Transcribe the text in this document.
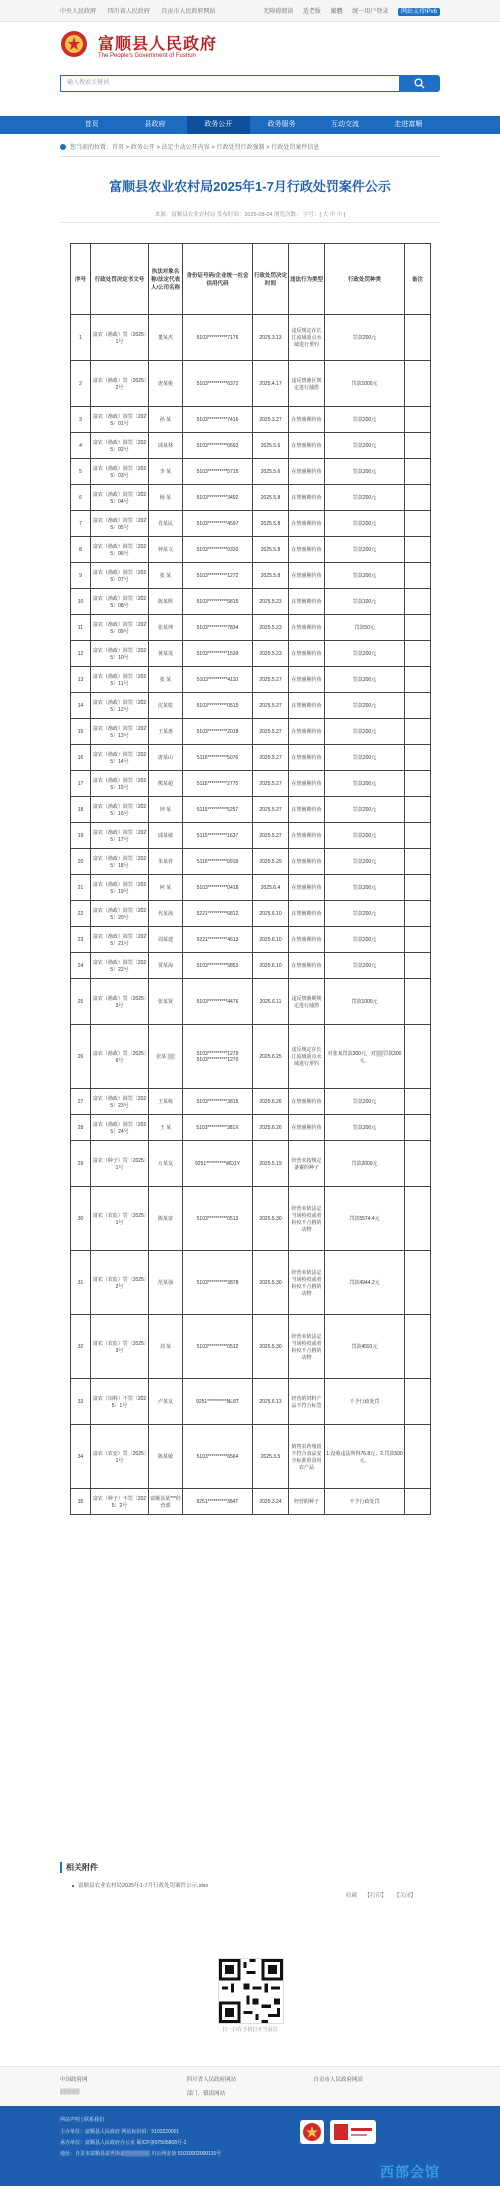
中央人民政府 四川省人民政府 自贡市人民政府网站	无障碍阅读 适老版 繁體 统一用户登录 网站支持IPv6
富顺县人民政府
The People's Government of Fushun
输入搜索关键词
首页	县政府	政务公开	政务服务	互动交流	走进富顺
您当前的位置：首页 > 政务公开 > 法定主动公开内容 > 行政处罚行政强制 > 行政处罚案件信息
富顺县农业农村局2025年1-7月行政处罚案件公示
来源：富顺县农业农村局 发布时间：2025-08-04 浏览次数： 字号：[ 大 中 小 ]
序号	行政处罚决定书文号	执法对象名称/法定代表人/公司名称	身份证号码/企业统一社会信用代码	行政处罚决定时间	违法行为类型	行政处罚种类	备注
1	富农（渔政）罚〔2025〕1号	董某杰	5103**********7176	2025.3.13	违反规定在长江流域重点水域进行垂钓	罚款200元	
2	富农（渔政）罚〔2025〕2号	唐某俊	5103**********6372	2025.4.17	违反禁渔区规定进行捕捞	罚款1000元	
3	富农（渔政）简罚〔2025〕01号	孙 某	5103**********7416	2025.3.27	在禁渔期钓鱼	罚款200元	
4	富农（渔政）简罚〔2025〕02号	邱某林	5103**********0693	2025.5.6	在禁渔期钓鱼	罚款200元	
5	富农（渔政）简罚〔2025〕03号	李 某	5103**********5715	2025.5.6	在禁渔期钓鱼	罚款200元	
6	富农（渔政）简罚〔2025〕04号	杨 某	5103**********3492	2025.5.8	在禁渔期钓鱼	罚款200元	
7	富农（渔政）简罚〔2025〕05号	肖某民	5103**********4597	2025.5.8	在禁渔期钓鱼	罚款200元	
8	富农（渔政）简罚〔2025〕06号	钟某文	5103**********0330	2025.5.8	在禁渔期钓鱼	罚款200元	
9	富农（渔政）简罚〔2025〕07号	张 某	5103**********1272	2025.5.8	在禁渔期钓鱼	罚款200元	
10	富农（渔政）简罚〔2025〕08号	陈某辉	5103**********5815	2025.5.23	在禁渔期钓鱼	罚款100元	
11	富农（渔政）简罚〔2025〕09号	张某坤	5103**********7834	2025.5.23	在禁渔期钓鱼	罚款50元	
12	富农（渔政）简罚〔2025〕10号	黄某茂	5103**********1539	2025.5.23	在禁渔期钓鱼	罚款200元	
13	富农（渔政）简罚〔2025〕11号	张 某	5103**********4110	2025.5.27	在禁渔期钓鱼	罚款200元	
14	富农（渔政）简罚〔2025〕12号	沈某乾	5103**********0515	2025.5.27	在禁渔期钓鱼	罚款200元	
15	富农（渔政）简罚〔2025〕13号	王某惠	5103**********2018	2025.5.27	在禁渔期钓鱼	罚款200元	
16	富农（渔政）简罚〔2025〕14号	唐某山	5115**********5076	2025.5.27	在禁渔期钓鱼	罚款200元	
17	富农（渔政）简罚〔2025〕15号	熊某超	5115**********2775	2025.5.27	在禁渔期钓鱼	罚款200元	
18	富农（渔政）简罚〔2025〕16号	钟 某	5115**********5257	2025.5.27	在禁渔期钓鱼	罚款200元	
19	富农（渔政）简罚〔2025〕17号	邱某敏	5115**********1637	2025.5.27	在禁渔期钓鱼	罚款200元	
20	富农（渔政）简罚〔2025〕18号	朱某祥	5115**********0918	2025.5.29	在禁渔期钓鱼	罚款200元	
21	富农（渔政）简罚〔2025〕19号	何 某	5103**********0418	2025.6.4	在禁渔期钓鱼	罚款200元	
22	富农（渔政）简罚〔2025〕20号	代某海	5221**********6812	2025.6.10	在禁渔期钓鱼	罚款200元	
23	富农（渔政）简罚〔2025〕21号	周某建	5221**********4613	2025.6.10	在禁渔期钓鱼	罚款200元	
24	富农（渔政）简罚〔2025〕22号	贾某海	5103**********5853	2025.6.10	在禁渔期钓鱼	罚款200元	
25	富农（渔政）罚〔2025〕3号	张某贤	5103**********4476	2025.6.11	违反禁渔期规定进行捕捞	罚款1000元	
26	富农（渔政）罚〔2025〕6号	张某 ▒▒	5103**********1279
5103**********1270	2025.6.25	违反规定在长江流域重点水域进行垂钓	对张某罚款300元，对▒▒罚款300元。	
27	富农（渔政）简罚〔2025〕23号	王某栋	5103**********3815	2025.6.26	在禁渔期钓鱼	罚款200元	
28	富农（渔政）简罚〔2025〕24号	王 某	5103**********381X	2025.6.26	在禁渔期钓鱼	罚款200元	
29	富农（种子）罚〔2025〕1号	万某友	9251**********WD1Y	2025.5.19	经营未按规定备案的种子	罚款2000元	
30	富农（农监）罚〔2025〕1号	陈某富	5103**********0513	2025.5.30	经营未依法定当场检疫或者检疫不合格的动物	罚款5574.4元	
31	富农（农监）罚〔2025〕2号	范某强	5103**********3878	2025.5.30	经营未依法定当场检疫或者检疫不合格的动物	罚款4944.2元	
32	富农（农监）罚〔2025〕3号	刘 某	5103**********0512	2025.5.30	经营未依法定当场检疫或者检疫不合格的动物	罚款4591元	
33	富农（饲料）不罚〔2025〕1号	卢某友	9251**********NL8T	2025.6.13	经营的饲料产品不符合标签	不予行政处罚	
34	富农（农安）罚〔2025〕1号	陈某敏	5103**********6564	2025.3.5	销售农药残留不符合食品安全标准的食用农产品	1.没收违法所得76.8元；2.罚款500元。	
35	富农（种子）不罚〔2025〕2号	富顺县某***经营部	9251**********384T	2025.3.24	经营假种子	不予行政处罚	
相关附件
富顺县农业农村局2025年1-7月行政处罚案件公示.xlsx
收藏 【打印】 【关闭】
扫一扫在手机打开当前页
中国政府网	四川省人民政府网站	自贡市人民政府网站
▒▒▒▒▒	部门、镇街网站
网站声明 | 联系我们
主办单位：富顺县人民政府 网站标识码：5103220001
承办单位：富顺县人民政府办公室 蜀ICP备07505808号-1
地址：自贡市富顺县富世街道▒▒▒▒▒▒▒ 川公网安备 51030002000115号
西部会馆
